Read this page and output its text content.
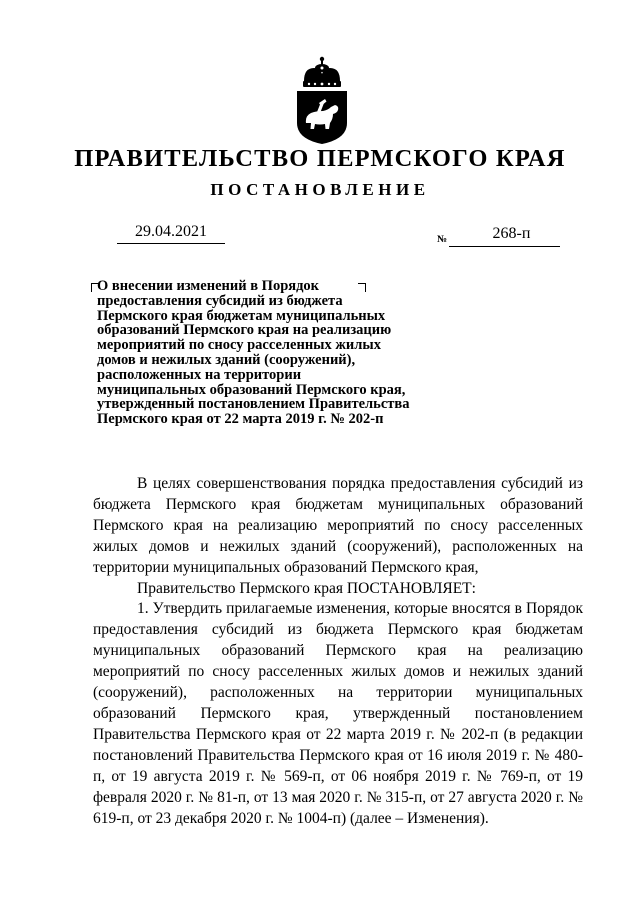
ПРАВИТЕЛЬСТВО ПЕРМСКОГО КРАЯ
ПОСТАНОВЛЕНИЕ
29.04.2021	№	268-п
О внесении изменений в Порядок
предоставления субсидий из бюджета
Пермского края бюджетам муниципальных
образований Пермского края на реализацию
мероприятий по сносу расселенных жилых
домов и нежилых зданий (сооружений),
расположенных на территории
муниципальных образований Пермского края,
утвержденный постановлением Правительства
Пермского края от 22 марта 2019 г. № 202-п

В целях совершенствования порядка предоставления субсидий из бюджета Пермского края бюджетам муниципальных образований Пермского края на реализацию мероприятий по сносу расселенных жилых домов и нежилых зданий (сооружений), расположенных на территории муниципальных образований Пермского края,

Правительство Пермского края ПОСТАНОВЛЯЕТ:

1. Утвердить прилагаемые изменения, которые вносятся в Порядок предоставления субсидий из бюджета Пермского края бюджетам муниципальных образований Пермского края на реализацию мероприятий по сносу расселенных жилых домов и нежилых зданий (сооружений), расположенных на территории муниципальных образований Пермского края, утвержденный постановлением Правительства Пермского края от 22 марта 2019 г. № 202-п (в редакции постановлений Правительства Пермского края от 16 июля 2019 г. № 480-п, от 19 августа 2019 г. № 569-п, от 06 ноября 2019 г. № 769-п, от 19 февраля 2020 г. № 81-п, от 13 мая 2020 г. № 315-п, от 27 августа 2020 г. № 619-п, от 23 декабря 2020 г. № 1004-п) (далее – Изменения).
